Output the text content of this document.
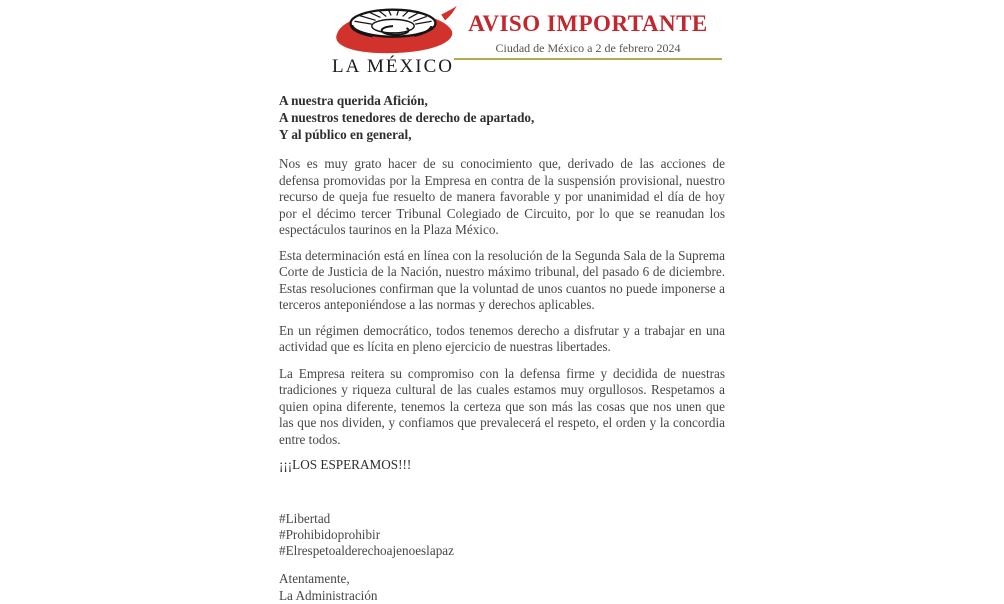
LA MÉXICO
AVISO IMPORTANTE
Ciudad de México a 2 de febrero 2024

A nuestra querida Afición,

A nuestros tenedores de derecho de apartado,

Y al público en general,

Nos es muy grato hacer de su conocimiento que, derivado de las acciones de defensa promovidas por la Empresa en contra de la suspensión provisional, nuestro recurso de queja fue resuelto de manera favorable y por unanimidad el día de hoy por el décimo tercer Tribunal Colegiado de Circuito, por lo que se reanudan los espectáculos taurinos en la Plaza México.

Esta determinación está en línea con la resolución de la Segunda Sala de la Suprema Corte de Justicia de la Nación, nuestro máximo tribunal, del pasado 6 de diciembre. Estas resoluciones confirman que la voluntad de unos cuantos no puede imponerse a terceros anteponiéndose a las normas y derechos aplicables.

En un régimen democrático, todos tenemos derecho a disfrutar y a trabajar en una actividad que es lícita en pleno ejercicio de nuestras libertades.

La Empresa reitera su compromiso con la defensa firme y decidida de nuestras tradiciones y riqueza cultural de las cuales estamos muy orgullosos. Respetamos a quien opina diferente, tenemos la certeza que son más las cosas que nos unen que las que nos dividen, y confiamos que prevalecerá el respeto, el orden y la concordia entre todos.

¡¡¡LOS ESPERAMOS!!!

#Libertad

#Prohibidoprohibir

#Elrespetoalderechoajenoeslapaz

Atentamente,

La Administración
